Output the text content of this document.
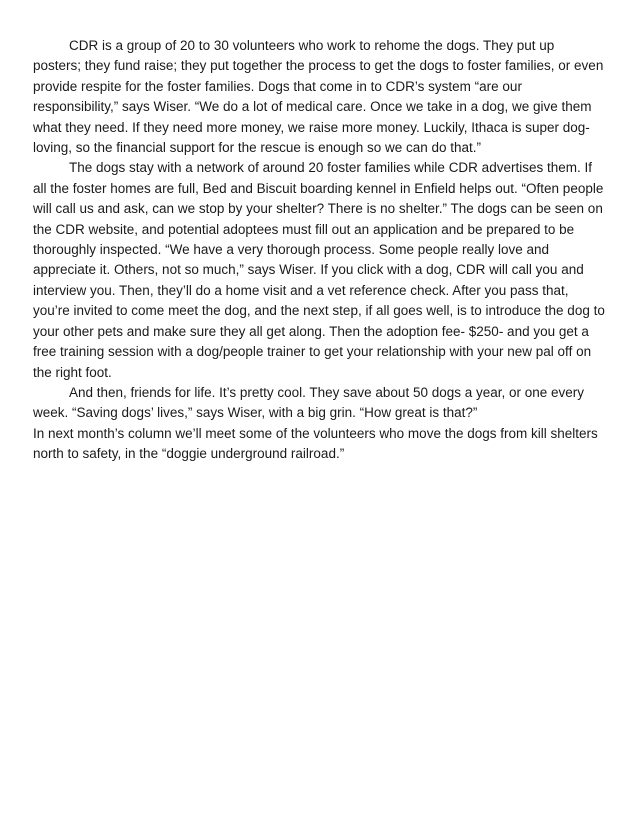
CDR is a group of 20 to 30 volunteers who work to rehome the dogs. They put up posters; they fund raise; they put together the process to get the dogs to foster families, or even provide respite for the foster families. Dogs that come in to CDR’s system “are our responsibility,” says Wiser. “We do a lot of medical care. Once we take in a dog, we give them what they need. If they need more money, we raise more money. Luckily, Ithaca is super dog-loving, so the financial support for the rescue is enough so we can do that.”

The dogs stay with a network of around 20 foster families while CDR advertises them. If all the foster homes are full, Bed and Biscuit boarding kennel in Enfield helps out. “Often people will call us and ask, can we stop by your shelter? There is no shelter.” The dogs can be seen on the CDR website, and potential adoptees must fill out an application and be prepared to be thoroughly inspected. “We have a very thorough process. Some people really love and appreciate it. Others, not so much,” says Wiser. If you click with a dog, CDR will call you and interview you. Then, they’ll do a home visit and a vet reference check. After you pass that, you’re invited to come meet the dog, and the next step, if all goes well, is to introduce the dog to your other pets and make sure they all get along. Then the adoption fee- $250- and you get a free training session with a dog/people trainer to get your relationship with your new pal off on the right foot.

And then, friends for life. It’s pretty cool. They save about 50 dogs a year, or one every week. “Saving dogs’ lives,” says Wiser, with a big grin. “How great is that?”

In next month’s column we’ll meet some of the volunteers who move the dogs from kill shelters north to safety, in the “doggie underground railroad.”
